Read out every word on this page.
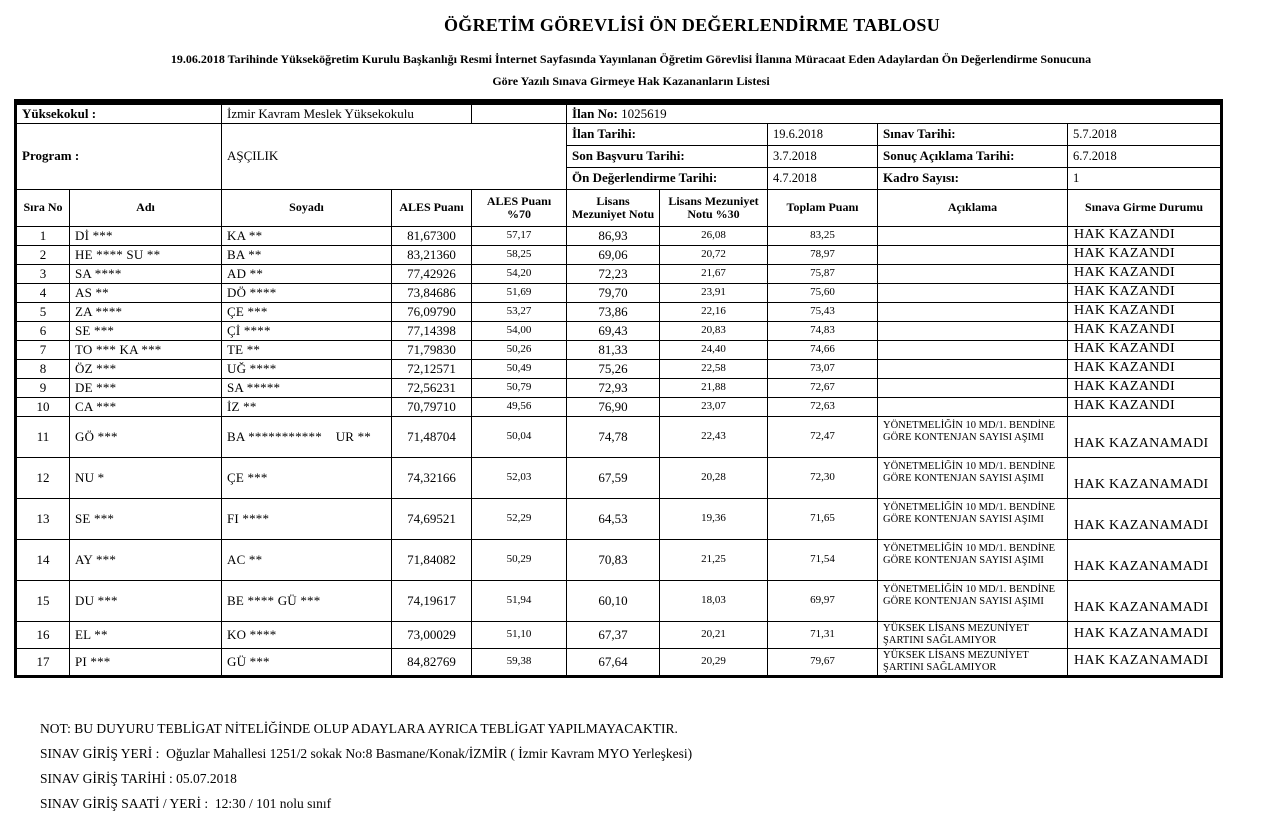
ÖĞRETİM GÖREVLİSİ ÖN DEĞERLENDİRME TABLOSU
19.06.2018 Tarihinde Yükseköğretim Kurulu Başkanlığı Resmi İnternet Sayfasında Yayınlanan Öğretim Görevlisi İlanına Müracaat Eden Adaylardan Ön Değerlendirme Sonucuna
Göre Yazılı Sınava Girmeye Hak Kazananların Listesi
Yüksekokul :		İzmir Kavram Meslek Yüksekokulu			İlan No: 1025619				
Program :		AŞÇILIK			İlan Tarihi:		19.6.2018	Sınav Tarihi:	5.7.2018
					Son Başvuru Tarihi:		3.7.2018	Sonuç Açıklama Tarihi:	6.7.2018
					Ön Değerlendirme Tarihi:		4.7.2018	Kadro Sayısı:	1
Sıra No	Adı	Soyadı	ALES Puanı	ALES Puanı %70	Lisans Mezuniyet Notu	Lisans Mezuniyet Notu %30	Toplam Puanı	Açıklama	Sınava Girme Durumu
1	Dİ ***	KA **	81,67300	57,17	86,93	26,08	83,25		HAK KAZANDI
2	HE **** SU **	BA **	83,21360	58,25	69,06	20,72	78,97		HAK KAZANDI
3	SA ****	AD **	77,42926	54,20	72,23	21,67	75,87		HAK KAZANDI
4	AS **	DÖ ****	73,84686	51,69	79,70	23,91	75,60		HAK KAZANDI
5	ZA ****	ÇE ***	76,09790	53,27	73,86	22,16	75,43		HAK KAZANDI
6	SE ***	Çİ ****	77,14398	54,00	69,43	20,83	74,83		HAK KAZANDI
7	TO *** KA ***	TE **	71,79830	50,26	81,33	24,40	74,66		HAK KAZANDI
8	ÖZ ***	UĞ ****	72,12571	50,49	75,26	22,58	73,07		HAK KAZANDI
9	DE ***	SA *****	72,56231	50,79	72,93	21,88	72,67		HAK KAZANDI
10	CA ***	İZ **	70,79710	49,56	76,90	23,07	72,63		HAK KAZANDI
11	GÖ ***	BA ***********    UR **	71,48704	50,04	74,78	22,43	72,47	YÖNETMELİĞİN 10 MD/1. BENDİNE GÖRE KONTENJAN SAYISI AŞIMI	HAK KAZANAMADI
12	NU *	ÇE ***	74,32166	52,03	67,59	20,28	72,30	YÖNETMELİĞİN 10 MD/1. BENDİNE GÖRE KONTENJAN SAYISI AŞIMI	HAK KAZANAMADI
13	SE ***	FI ****	74,69521	52,29	64,53	19,36	71,65	YÖNETMELİĞİN 10 MD/1. BENDİNE GÖRE KONTENJAN SAYISI AŞIMI	HAK KAZANAMADI
14	AY ***	AC **	71,84082	50,29	70,83	21,25	71,54	YÖNETMELİĞİN 10 MD/1. BENDİNE GÖRE KONTENJAN SAYISI AŞIMI	HAK KAZANAMADI
15	DU ***	BE **** GÜ ***	74,19617	51,94	60,10	18,03	69,97	YÖNETMELİĞİN 10 MD/1. BENDİNE GÖRE KONTENJAN SAYISI AŞIMI	HAK KAZANAMADI
16	EL **	KO ****	73,00029	51,10	67,37	20,21	71,31	YÜKSEK LİSANS MEZUNİYET ŞARTINI SAĞLAMIYOR	HAK KAZANAMADI
17	PI ***	GÜ ***	84,82769	59,38	67,64	20,29	79,67	YÜKSEK LİSANS MEZUNİYET ŞARTINI SAĞLAMIYOR	HAK KAZANAMADI
NOT: BU DUYURU TEBLİGAT NİTELİĞİNDE OLUP ADAYLARA AYRICA TEBLİGAT YAPILMAYACAKTIR.
SINAV GİRİŞ YERİ :  Oğuzlar Mahallesi 1251/2 sokak No:8 Basmane/Konak/İZMİR ( İzmir Kavram MYO Yerleşkesi)
SINAV GİRİŞ TARİHİ : 05.07.2018
SINAV GİRİŞ SAATİ / YERİ :  12:30 / 101 nolu sınıf
